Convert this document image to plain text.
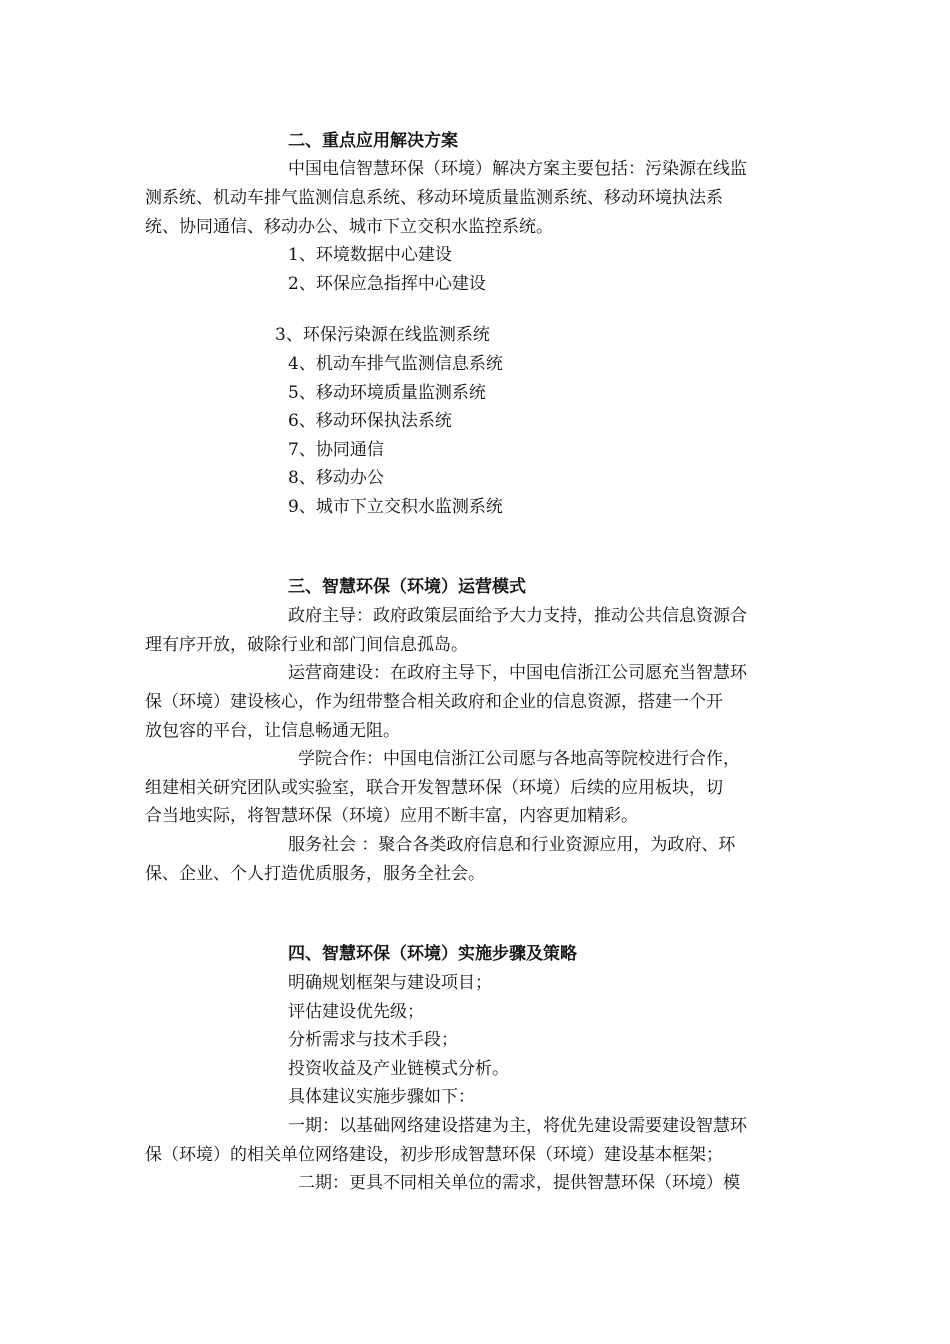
二、重点应用解决方案

中国电信智慧环保（环境）解决方案主要包括：污染源在线监

测系统、机动车排气监测信息系统、移动环境质量监测系统、移动环境执法系

统、协同通信、移动办公、城市下立交积水监控系统。

1、环境数据中心建设

2、环保应急指挥中心建设

3、环保污染源在线监测系统

4、机动车排气监测信息系统

5、移动环境质量监测系统

6、移动环保执法系统

7、协同通信

8、移动办公

9、城市下立交积水监测系统

三、智慧环保（环境）运营模式

政府主导：政府政策层面给予大力支持，推动公共信息资源合

理有序开放，破除行业和部门间信息孤岛。

运营商建设：在政府主导下，中国电信浙江公司愿充当智慧环

保（环境）建设核心，作为纽带整合相关政府和企业的信息资源，搭建一个开

放包容的平台，让信息畅通无阻。

学院合作：中国电信浙江公司愿与各地高等院校进行合作，

组建相关研究团队或实验室，联合开发智慧环保（环境）后续的应用板块，切

合当地实际，将智慧环保（环境）应用不断丰富，内容更加精彩。

服务社会 ：聚合各类政府信息和行业资源应用，为政府、环

保、企业、个人打造优质服务，服务全社会。

四、智慧环保（环境）实施步骤及策略

明确规划框架与建设项目；

评估建设优先级；

分析需求与技术手段；

投资收益及产业链模式分析。

具体建议实施步骤如下：

一期：以基础网络建设搭建为主，将优先建设需要建设智慧环

保（环境）的相关单位网络建设，初步形成智慧环保（环境）建设基本框架；

二期：更具不同相关单位的需求，提供智慧环保（环境）模
